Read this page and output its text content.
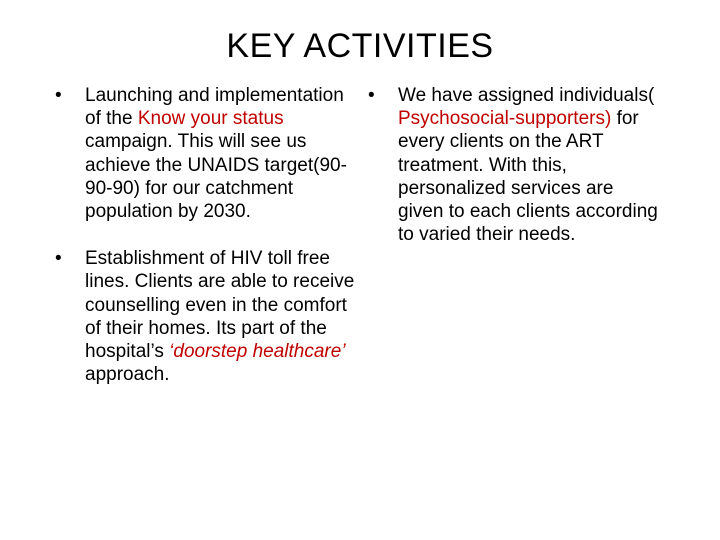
KEY ACTIVITIES

•	Launching and implementation of the Know your status campaign. This will see us achieve the UNAIDS target(90-90-90) for our catchment population by 2030.

•	Establishment of HIV toll free lines. Clients are able to receive counselling even in the comfort of their homes. Its part of the hospital’s ‘doorstep healthcare’ approach.

•	We have assigned individuals( Psychosocial-supporters) for every clients on the ART treatment. With this, personalized services are given to each clients according to varied their needs.
